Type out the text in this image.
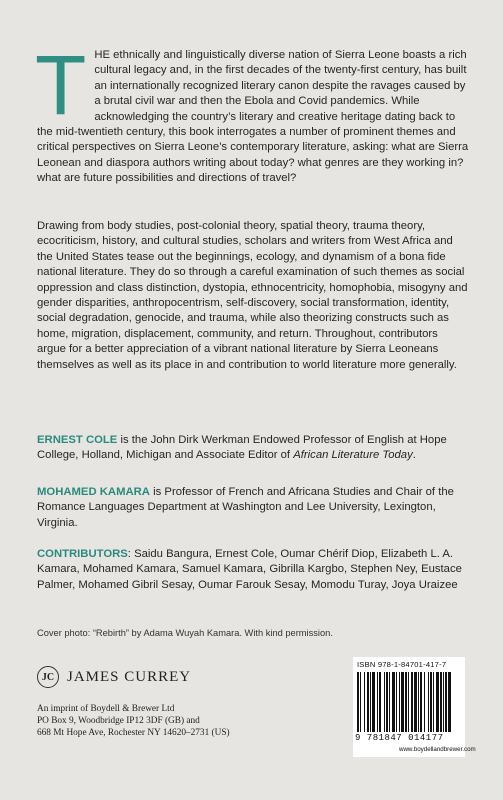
THE ethnically and linguistically diverse nation of Sierra Leone boasts a rich cultural legacy and, in the first decades of the twenty-first century, has built an internationally recognized literary canon despite the ravages caused by a brutal civil war and then the Ebola and Covid pandemics. While acknowledging the country’s literary and creative heritage dating back to the mid-twentieth century, this book interrogates a number of prominent themes and critical perspectives on Sierra Leone’s contemporary literature, asking: what are Sierra Leonean and diaspora authors writing about today? what genres are they working in? what are future possibilities and directions of travel?

Drawing from body studies, post-colonial theory, spatial theory, trauma theory, ecocriticism, history, and cultural studies, scholars and writers from West Africa and the United States tease out the beginnings, ecology, and dynamism of a bona fide national literature. They do so through a careful examination of such themes as social oppression and class distinction, dystopia, ethnocentricity, homophobia, misogyny and gender disparities, anthropocentrism, self-discovery, social transformation, identity, social degradation, genocide, and trauma, while also theorizing constructs such as home, migration, displacement, community, and return. Throughout, contributors argue for a better appreciation of a vibrant national literature by Sierra Leoneans themselves as well as its place in and contribution to world literature more generally.

ERNEST COLE is the John Dirk Werkman Endowed Professor of English at Hope College, Holland, Michigan and Associate Editor of African Literature Today.

MOHAMED KAMARA is Professor of French and Africana Studies and Chair of the Romance Languages Department at Washington and Lee University, Lexington, Virginia.

CONTRIBUTORS: Saidu Bangura, Ernest Cole, Oumar Chérif Diop, Elizabeth L. A. Kamara, Mohamed Kamara, Samuel Kamara, Gibrilla Kargbo, Stephen Ney, Eustace Palmer, Mohamed Gibril Sesay, Oumar Farouk Sesay, Momodu Turay, Joya Uraizee

Cover photo: “Rebirth” by Adama Wuyah Kamara. With kind permission.

JC JAMES CURREY

An imprint of Boydell & Brewer Ltd

PO Box 9, Woodbridge IP12 3DF (GB) and

668 Mt Hope Ave, Rochester NY 14620–2731 (US)

ISBN 978-1-84701-417-7

9 781847 014177

www.boydellandbrewer.com
